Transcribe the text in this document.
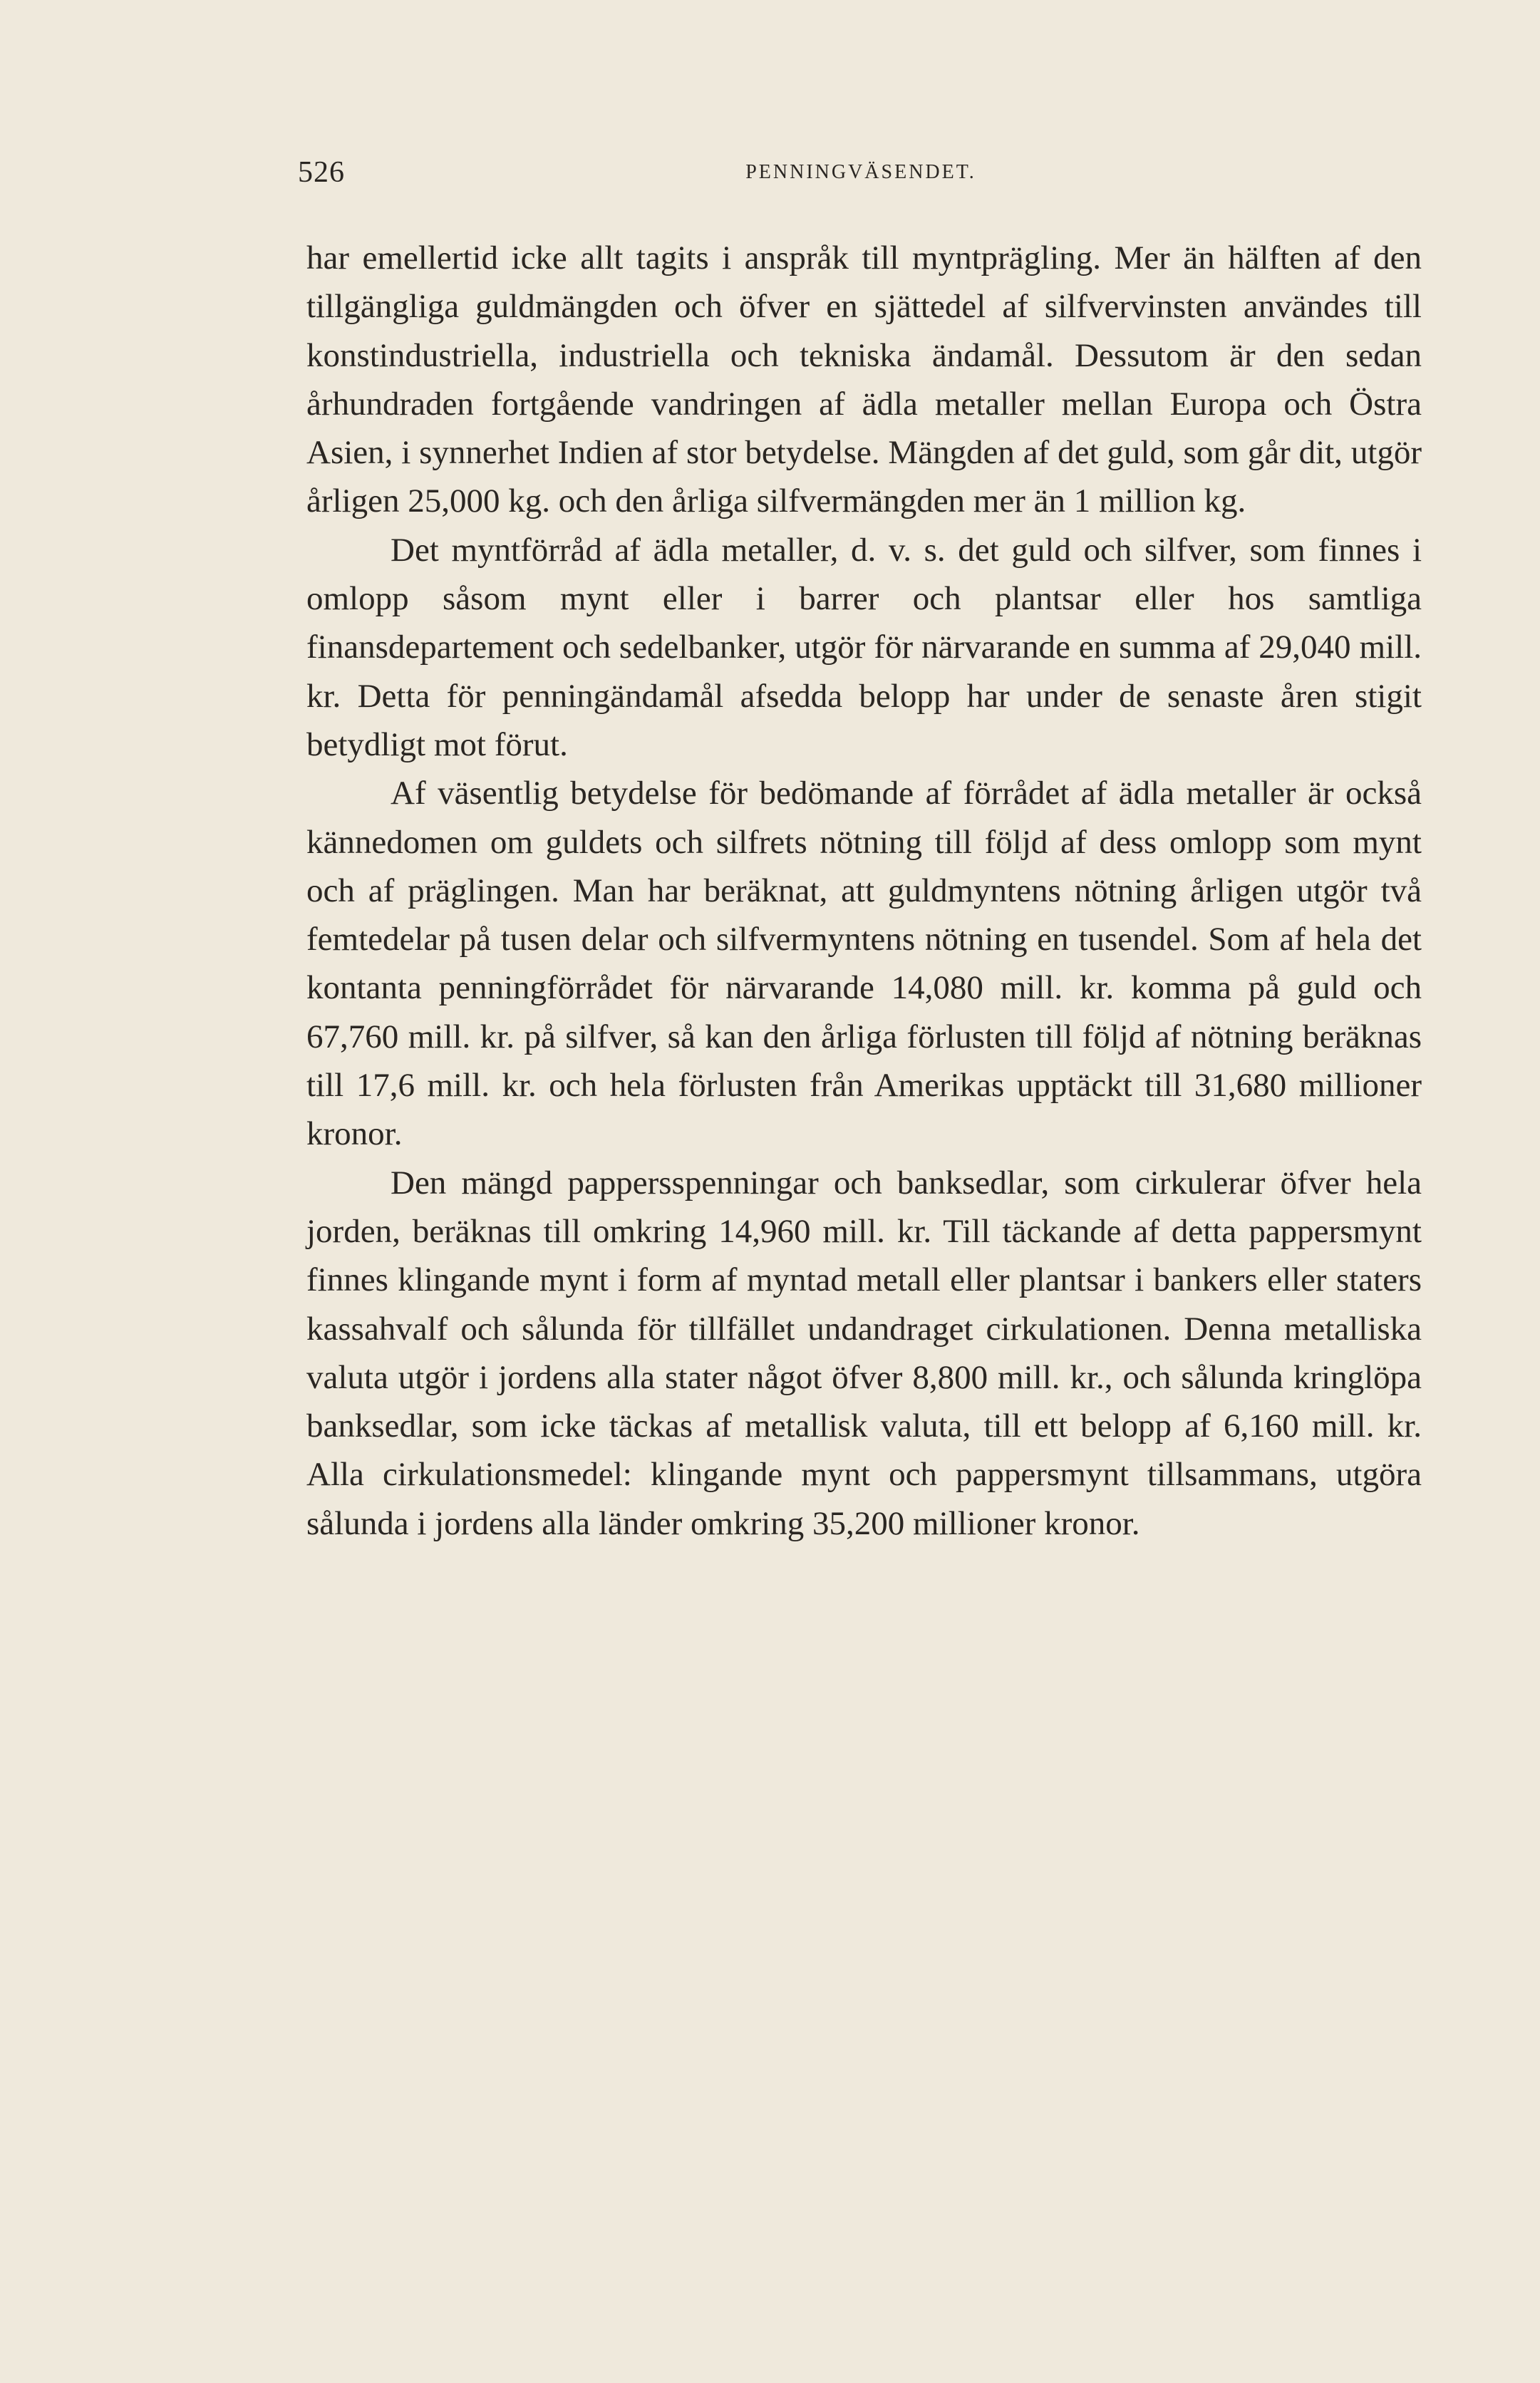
526	PENNINGVÄSENDET.

har emellertid icke allt tagits i anspråk till myntprägling. Mer än hälften af den tillgängliga guldmängden och öfver en sjättedel af silfvervinsten användes till konstindustriella, industriella och tekniska ändamål. Dessutom är den sedan århundraden fortgående vandringen af ädla metaller mellan Europa och Östra Asien, i synnerhet Indien af stor betydelse. Mängden af det guld, som går dit, utgör årligen 25,000 kg. och den årliga silfvermängden mer än 1 million kg.

Det myntförråd af ädla metaller, d. v. s. det guld och silfver, som finnes i omlopp såsom mynt eller i barrer och plantsar eller hos samtliga finansdepartement och sedelbanker, utgör för närvarande en summa af 29,040 mill. kr. Detta för penningändamål afsedda belopp har under de senaste åren stigit betydligt mot förut.

Af väsentlig betydelse för bedömande af förrådet af ädla metaller är också kännedomen om guldets och silfrets nötning till följd af dess omlopp som mynt och af präglingen. Man har beräknat, att guldmyntens nötning årligen utgör två femtedelar på tusen delar och silfvermyntens nötning en tusendel. Som af hela det kontanta penningförrådet för närvarande 14,080 mill. kr. komma på guld och 67,760 mill. kr. på silfver, så kan den årliga förlusten till följd af nötning beräknas till 17,6 mill. kr. och hela förlusten från Amerikas upptäckt till 31,680 millioner kronor.

Den mängd pappersspenningar och banksedlar, som cirkulerar öfver hela jorden, beräknas till omkring 14,960 mill. kr. Till täckande af detta pappersmynt finnes klingande mynt i form af myntad metall eller plantsar i bankers eller staters kassahvalf och sålunda för tillfället undandraget cirkulationen. Denna metalliska valuta utgör i jordens alla stater något öfver 8,800 mill. kr., och sålunda kringlöpa banksedlar, som icke täckas af metallisk valuta, till ett belopp af 6,160 mill. kr. Alla cirkulationsmedel: klingande mynt och pappersmynt tillsammans, utgöra sålunda i jordens alla länder omkring 35,200 millioner kronor.
